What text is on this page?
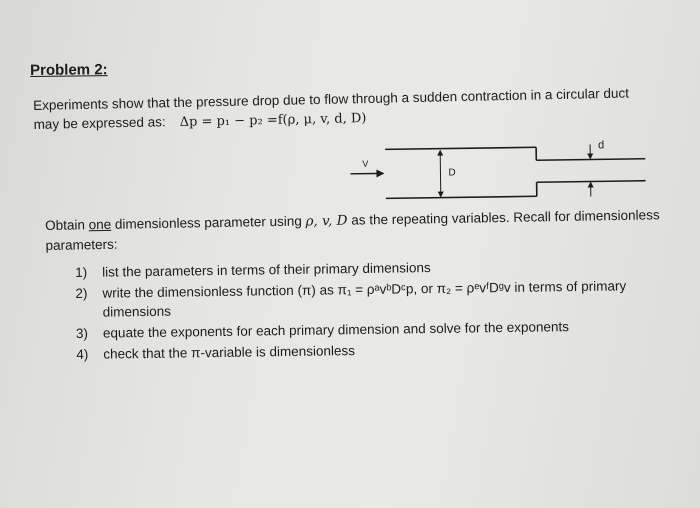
Problem 2:
Experiments show that the pressure drop due to flow through a sudden contraction in a circular duct
may be expressed as: Δp = p₁ − p₂ =f(ρ, μ, v, d, D)
V
D
d
Obtain one dimensionless parameter using ρ, v, D as the repeating variables. Recall for dimensionless parameters:
1)	list the parameters in terms of their primary dimensions
2)	write the dimensionless function (π) as π₁ = ρᵃvᵇDᶜp, or π₂ = ρᵉvᶠDᵍv in terms of primary dimensions
3)	equate the exponents for each primary dimension and solve for the exponents
4)	check that the π-variable is dimensionless
